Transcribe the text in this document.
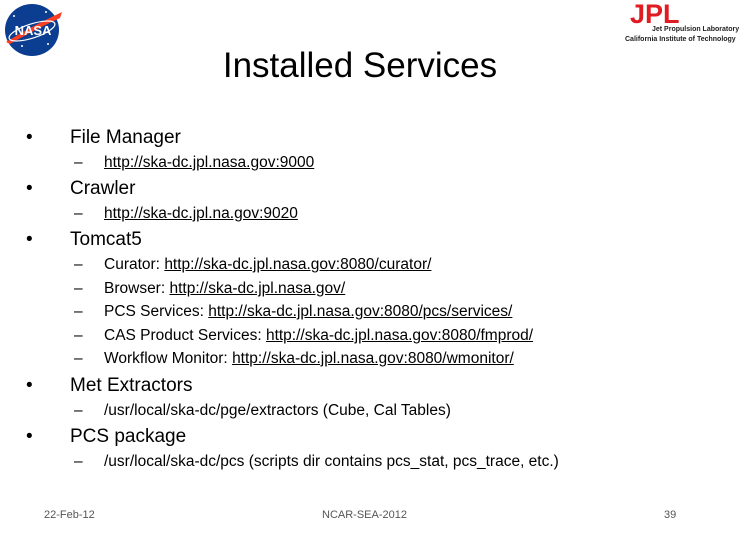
NASA
JPL
Jet Propulsion Laboratory
California Institute of Technology
Installed Services
• File Manager
– http://ska-dc.jpl.nasa.gov:9000
• Crawler
– http://ska-dc.jpl.na.gov:9020
• Tomcat5
– Curator: http://ska-dc.jpl.nasa.gov:8080/curator/
– Browser: http://ska-dc.jpl.nasa.gov/
– PCS Services: http://ska-dc.jpl.nasa.gov:8080/pcs/services/
– CAS Product Services: http://ska-dc.jpl.nasa.gov:8080/fmprod/
– Workflow Monitor: http://ska-dc.jpl.nasa.gov:8080/wmonitor/
• Met Extractors
– /usr/local/ska-dc/pge/extractors (Cube, Cal Tables)
• PCS package
– /usr/local/ska-dc/pcs (scripts dir contains pcs_stat, pcs_trace, etc.)
22-Feb-12	NCAR-SEA-2012	39
